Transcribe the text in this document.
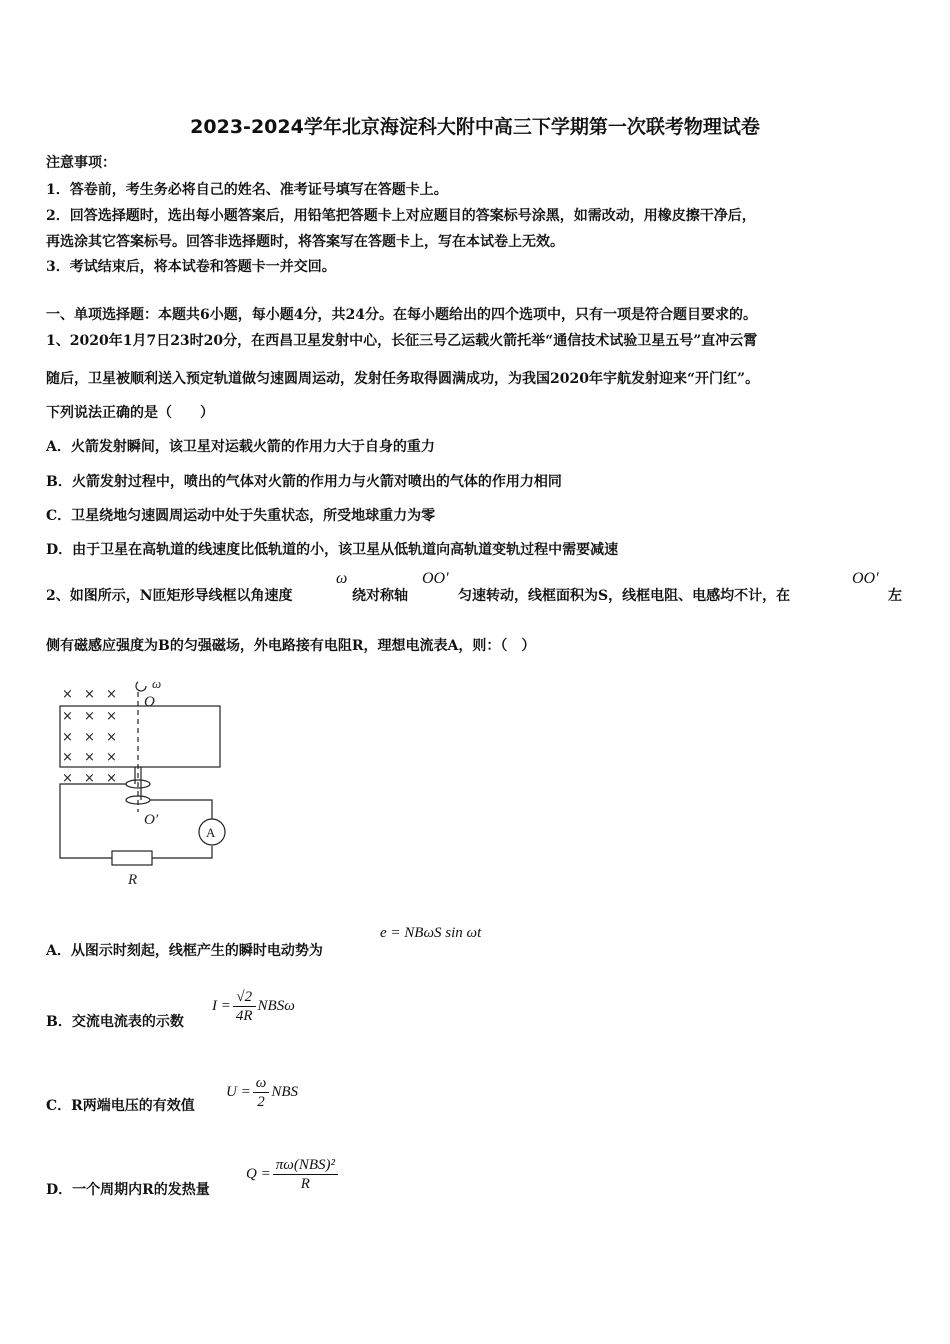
2023-2024学年北京海淀科大附中高三下学期第一次联考物理试卷
注意事项：
1．答卷前，考生务必将自己的姓名、准考证号填写在答题卡上。
2．回答选择题时，选出每小题答案后，用铅笔把答题卡上对应题目的答案标号涂黑，如需改动，用橡皮擦干净后，
再选涂其它答案标号。回答非选择题时，将答案写在答题卡上，写在本试卷上无效。
3．考试结束后，将本试卷和答题卡一并交回。
一、单项选择题：本题共6小题，每小题4分，共24分。在每小题给出的四个选项中，只有一项是符合题目要求的。
1、2020年1月7日23时20分，在西昌卫星发射中心，长征三号乙运载火箭托举“通信技术试验卫星五号”直冲云霄
随后，卫星被顺利送入预定轨道做匀速圆周运动，发射任务取得圆满成功，为我国2020年宇航发射迎来“开门红”。
下列说法正确的是（　　）
A．火箭发射瞬间，该卫星对运载火箭的作用力大于自身的重力
B．火箭发射过程中，喷出的气体对火箭的作用力与火箭对喷出的气体的作用力相同
C．卫星绕地匀速圆周运动中处于失重状态，所受地球重力为零
D．由于卫星在高轨道的线速度比低轨道的小，该卫星从低轨道向高轨道变轨过程中需要减速
2、如图所示，N匝矩形导线框以角速度
ω
绕对称轴
OO′
匀速转动，线框面积为S，线框电阻、电感均不计，在
OO′
左
侧有磁感应强度为B的匀强磁场，外电路接有电阻R，理想电流表A，则：（　）
× × ×
× × ×
× × ×
× × ×
× × ×
ω
O
O′
A
R
A．从图示时刻起，线框产生的瞬时电动势为
e = NBωS sin ωt
B．交流电流表的示数
$I = \frac{√2}{4R}$ NBSω
C．R两端电压的有效值
$U = \frac{\omega}{2}$ NBS
D．一个周期内R的发热量
$Q = \frac{\text{πω(NBS)²}}{R}$
